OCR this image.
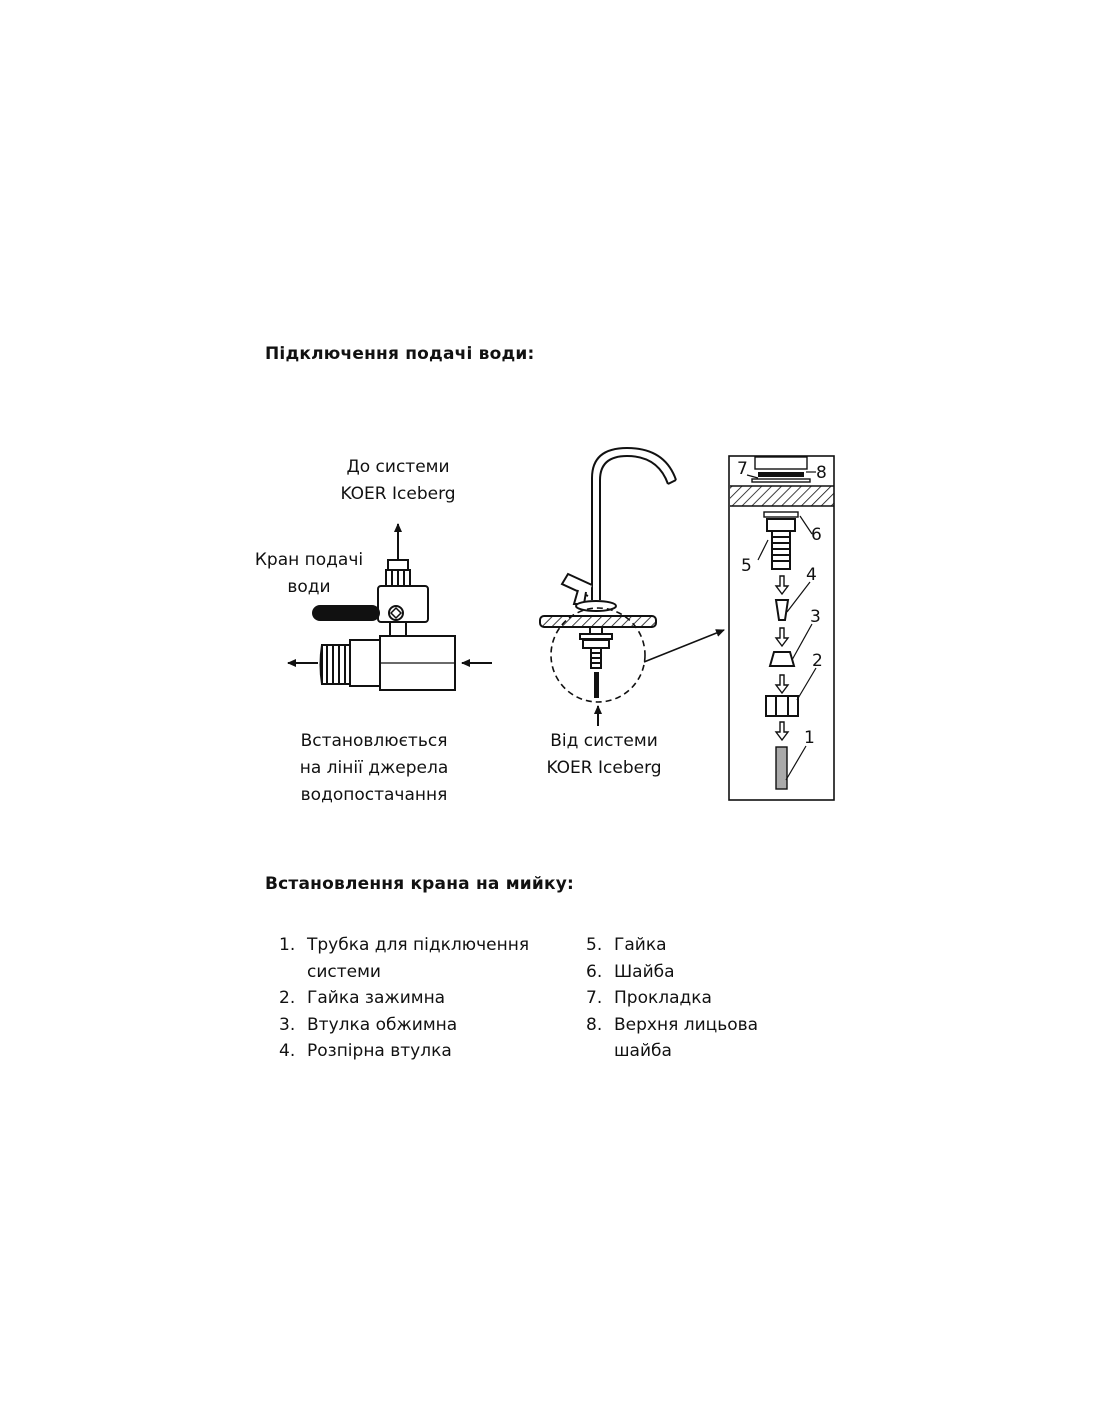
Підключення подачі води:
7	8
6
5	4
3
2
1
До системи
KOER Iceberg
Кран подачі
води
Встановлюється
на лінії джерела
водопостачання
Від системи
KOER Iceberg
Встановлення крана на мийку:
1. Трубка для підключення системи
2. Гайка зажимна
3. Втулка обжимна
4. Розпірна втулка
5. Гайка
6. Шайба
7. Прокладка
8. Верхня лицьова шайба
